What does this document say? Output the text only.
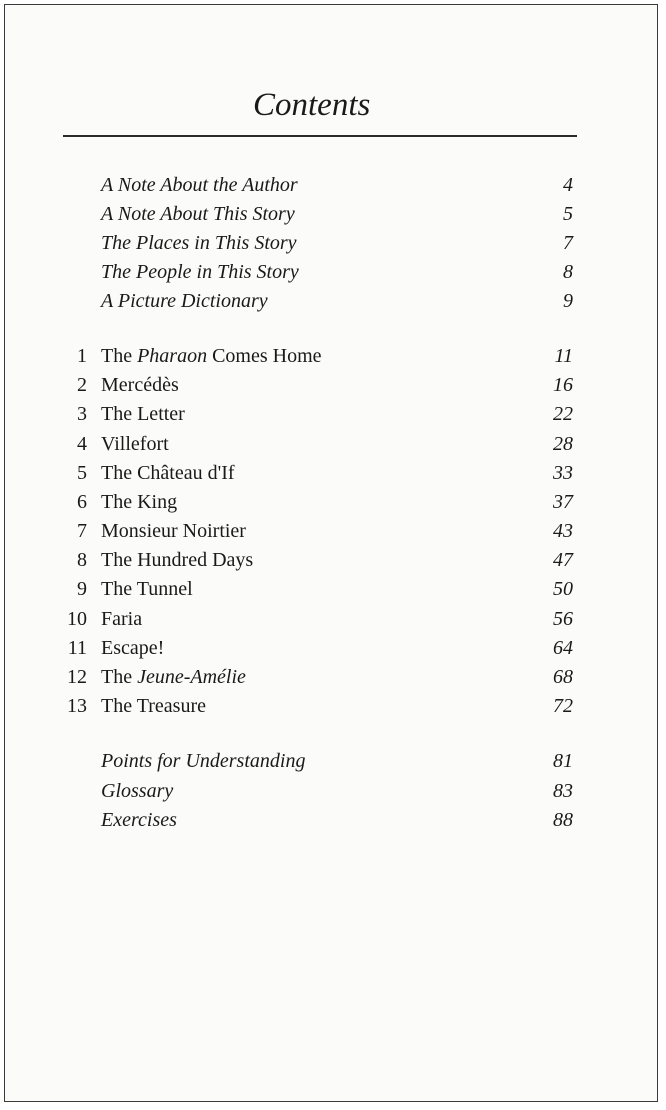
Contents
A Note About the Author	4
A Note About This Story	5
The Places in This Story	7
The People in This Story	8
A Picture Dictionary	9
1 The Pharaon Comes Home	11
2 Mercédès	16
3 The Letter	22
4 Villefort	28
5 The Château d'If	33
6 The King	37
7 Monsieur Noirtier	43
8 The Hundred Days	47
9 The Tunnel	50
10 Faria	56
11 Escape!	64
12 The Jeune-Amélie	68
13 The Treasure	72
Points for Understanding	81
Glossary	83
Exercises	88
